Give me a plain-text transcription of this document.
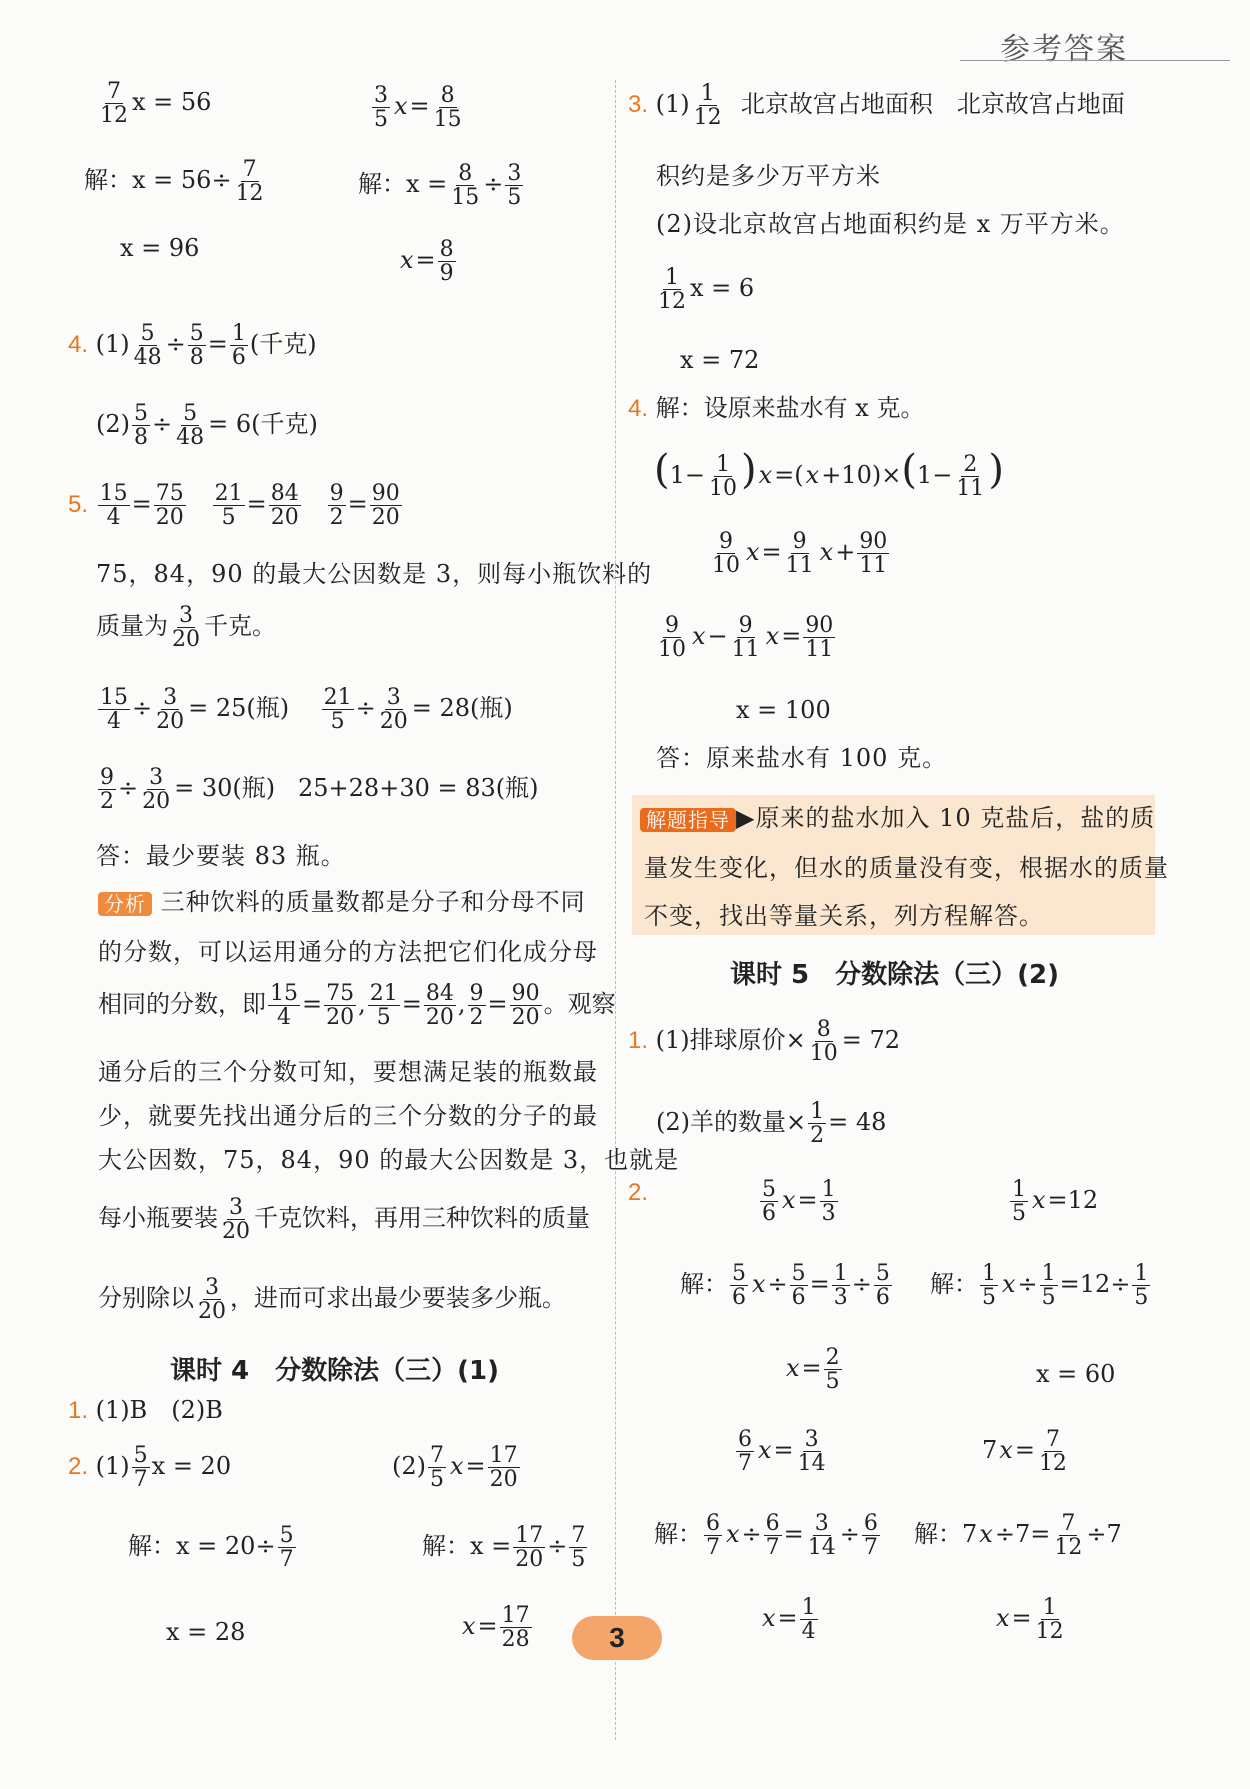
参考答案
$\frac{7}{12}$ x = 56	$\frac{3}{5} x= \frac{8}{15}$
解：$x = 56\div \frac{7}{12}$	解：$x = \frac{8}{15} \div \frac{3}{5}$
x = 96	$x= \frac{8}{9}$
4. $(1) \frac{5}{48} \div \frac{5}{8} = \frac{1}{6}$ (千克)
$(2) \frac{5}{8} \div \frac{5}{48} = 6$(千克)
5. $\frac{15}{4} = \frac{75}{20}$
$\frac{21}{5} = \frac{84}{20}$
$\frac{9}{2} = \frac{90}{20}$
75，84，90 的最大公因数是 3，则每小瓶饮料的
质量为 $\frac{3}{20}$ 千克。
$\frac{15}{4} \div \frac{3}{20} = 25$(瓶) $\frac{21}{5} \div \frac{3}{20} = 28$(瓶)
$\frac{9}{2} \div \frac{3}{20} = 30$(瓶) 25+28+30 = 83(瓶)
答：最少要装 83 瓶。
分析 三种饮料的质量数都是分子和分母不同
的分数，可以运用通分的方法把它们化成分母
相同的分数，即 $\frac{15}{4} = \frac{75}{20}$ , $\frac{21}{5} = \frac{84}{20}$ , $\frac{9}{2} = \frac{90}{20}$ 。观察
通分后的三个分数可知，要想满足装的瓶数最
少，就要先找出通分后的三个分数的分子的最
大公因数，75，84，90 的最大公因数是 3，也就是
每小瓶要装 $\frac{3}{20}$ 千克饮料，再用三种饮料的质量
分别除以 $\frac{3}{20}$ ，进而可求出最少要装多少瓶。
课时 4　分数除法（三）(1)
1. (1)B　(2)B
2. $(1) \frac{5}{7}$ x = 20	$(2) \frac{7}{5} x= \frac{17}{20}$
解：$x = 20\div \frac{5}{7}$	解：$x = \frac{17}{20} \div \frac{7}{5}$
x = 28	$x= \frac{17}{28}$
3. $(1) \frac{1}{12}$ 北京故宫占地面积　北京故宫占地面
积约是多少万平方米
(2)设北京故宫占地面积约是 x 万平方米。
$\frac{1}{12}$ x = 6
x = 72
4. 解：设原来盐水有 x 克。
$(1- \frac{1}{10} )x=(x+10)\times(1- \frac{2}{11}$ )
$\frac{9}{10} x= \frac{9}{11} x+ \frac{90}{11}$
$\frac{9}{10} x- \frac{9}{11} x= \frac{90}{11}$
x = 100
答：原来盐水有 100 克。
解题指导 ▶原来的盐水加入 10 克盐后，盐的质
量发生变化，但水的质量没有变，根据水的质量
不变，找出等量关系，列方程解答。
课时 5　分数除法（三）(2)
1. (1)排球原价× $\frac{8}{10} = 72$
(2)羊的数量× $\frac{1}{2} = 48$
2.	$\frac{5}{6} x= \frac{1}{3}$	$\frac{1}{5} x=12$
解： $\frac{5}{6} x\div \frac{5}{6} = \frac{1}{3} \div \frac{5}{6}$ 解： $\frac{1}{5} x\div \frac{1}{5} =12\div \frac{1}{5}$
$x= \frac{2}{5}$	x = 60
$\frac{6}{7} x= \frac{3}{14}$	$7x= \frac{7}{12}$
解： $\frac{6}{7} x\div \frac{6}{7} = \frac{3}{14} \div \frac{6}{7}$ 解：$7x\div 7= \frac{7}{12} \div 7$
$x= \frac{1}{4}$	$x= \frac{1}{12}$
3
